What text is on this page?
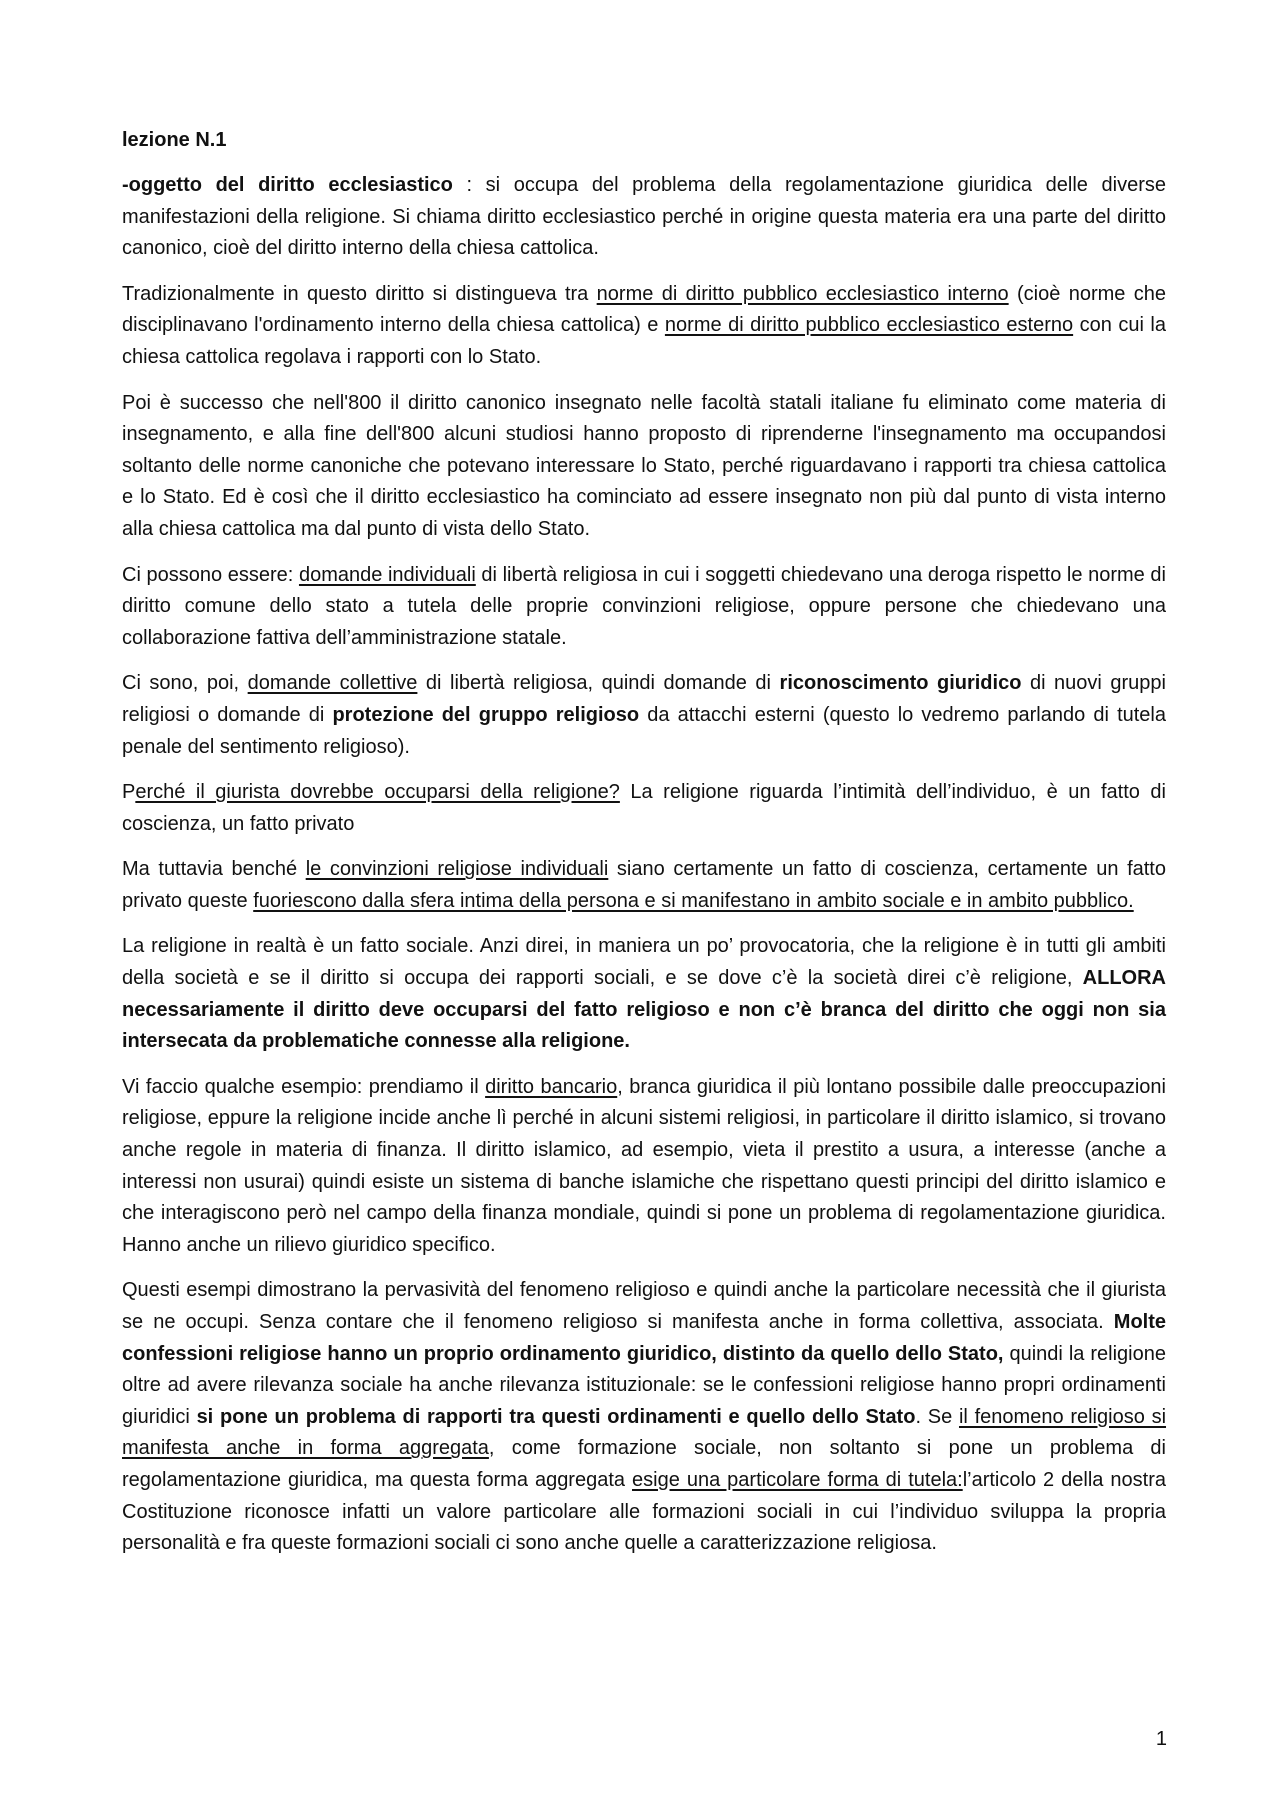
lezione N.1

-oggetto del diritto ecclesiastico : si occupa del problema della regolamentazione giuridica delle diverse manifestazioni della religione. Si chiama diritto ecclesiastico perché in origine questa materia era una parte del diritto canonico, cioè del diritto interno della chiesa cattolica.

Tradizionalmente in questo diritto si distingueva tra norme di diritto pubblico ecclesiastico interno (cioè norme che disciplinavano l'ordinamento interno della chiesa cattolica) e norme di diritto pubblico ecclesiastico esterno con cui la chiesa cattolica regolava i rapporti con lo Stato.

Poi è successo che nell'800 il diritto canonico insegnato nelle facoltà statali italiane fu eliminato come materia di insegnamento, e alla fine dell'800 alcuni studiosi hanno proposto di riprenderne l'insegnamento ma occupandosi soltanto delle norme canoniche che potevano interessare lo Stato, perché riguardavano i rapporti tra chiesa cattolica e lo Stato. Ed è così che il diritto ecclesiastico ha cominciato ad essere insegnato non più dal punto di vista interno alla chiesa cattolica ma dal punto di vista dello Stato.

Ci possono essere: domande individuali di libertà religiosa in cui i soggetti chiedevano una deroga rispetto le norme di diritto comune dello stato a tutela delle proprie convinzioni religiose, oppure persone che chiedevano una collaborazione fattiva dell’amministrazione statale.

Ci sono, poi, domande collettive di libertà religiosa, quindi domande di riconoscimento giuridico di nuovi gruppi religiosi o domande di protezione del gruppo religioso da attacchi esterni (questo lo vedremo parlando di tutela penale del sentimento religioso).

Perché il giurista dovrebbe occuparsi della religione? La religione riguarda l’intimità dell’individuo, è un fatto di coscienza, un fatto privato

Ma tuttavia benché le convinzioni religiose individuali siano certamente un fatto di coscienza, certamente un fatto privato queste fuoriescono dalla sfera intima della persona e si manifestano in ambito sociale e in ambito pubblico.

La religione in realtà è un fatto sociale. Anzi direi, in maniera un po’ provocatoria, che la religione è in tutti gli ambiti della società e se il diritto si occupa dei rapporti sociali, e se dove c’è la società direi c’è religione, ALLORA necessariamente il diritto deve occuparsi del fatto religioso e non c’è branca del diritto che oggi non sia intersecata da problematiche connesse alla religione.

Vi faccio qualche esempio: prendiamo il diritto bancario, branca giuridica il più lontano possibile dalle preoccupazioni religiose, eppure la religione incide anche lì perché in alcuni sistemi religiosi, in particolare il diritto islamico, si trovano anche regole in materia di finanza. Il diritto islamico, ad esempio, vieta il prestito a usura, a interesse (anche a interessi non usurai) quindi esiste un sistema di banche islamiche che rispettano questi principi del diritto islamico e che interagiscono però nel campo della finanza mondiale, quindi si pone un problema di regolamentazione giuridica. Hanno anche un rilievo giuridico specifico.

Questi esempi dimostrano la pervasività del fenomeno religioso e quindi anche la particolare necessità che il giurista se ne occupi. Senza contare che il fenomeno religioso si manifesta anche in forma collettiva, associata. Molte confessioni religiose hanno un proprio ordinamento giuridico, distinto da quello dello Stato, quindi la religione oltre ad avere rilevanza sociale ha anche rilevanza istituzionale: se le confessioni religiose hanno propri ordinamenti giuridici si pone un problema di rapporti tra questi ordinamenti e quello dello Stato. Se il fenomeno religioso si manifesta anche in forma aggregata, come formazione sociale, non soltanto si pone un problema di regolamentazione giuridica, ma questa forma aggregata esige una particolare forma di tutela:l’articolo 2 della nostra Costituzione riconosce infatti un valore particolare alle formazioni sociali in cui l’individuo sviluppa la propria personalità e fra queste formazioni sociali ci sono anche quelle a caratterizzazione religiosa.

1
